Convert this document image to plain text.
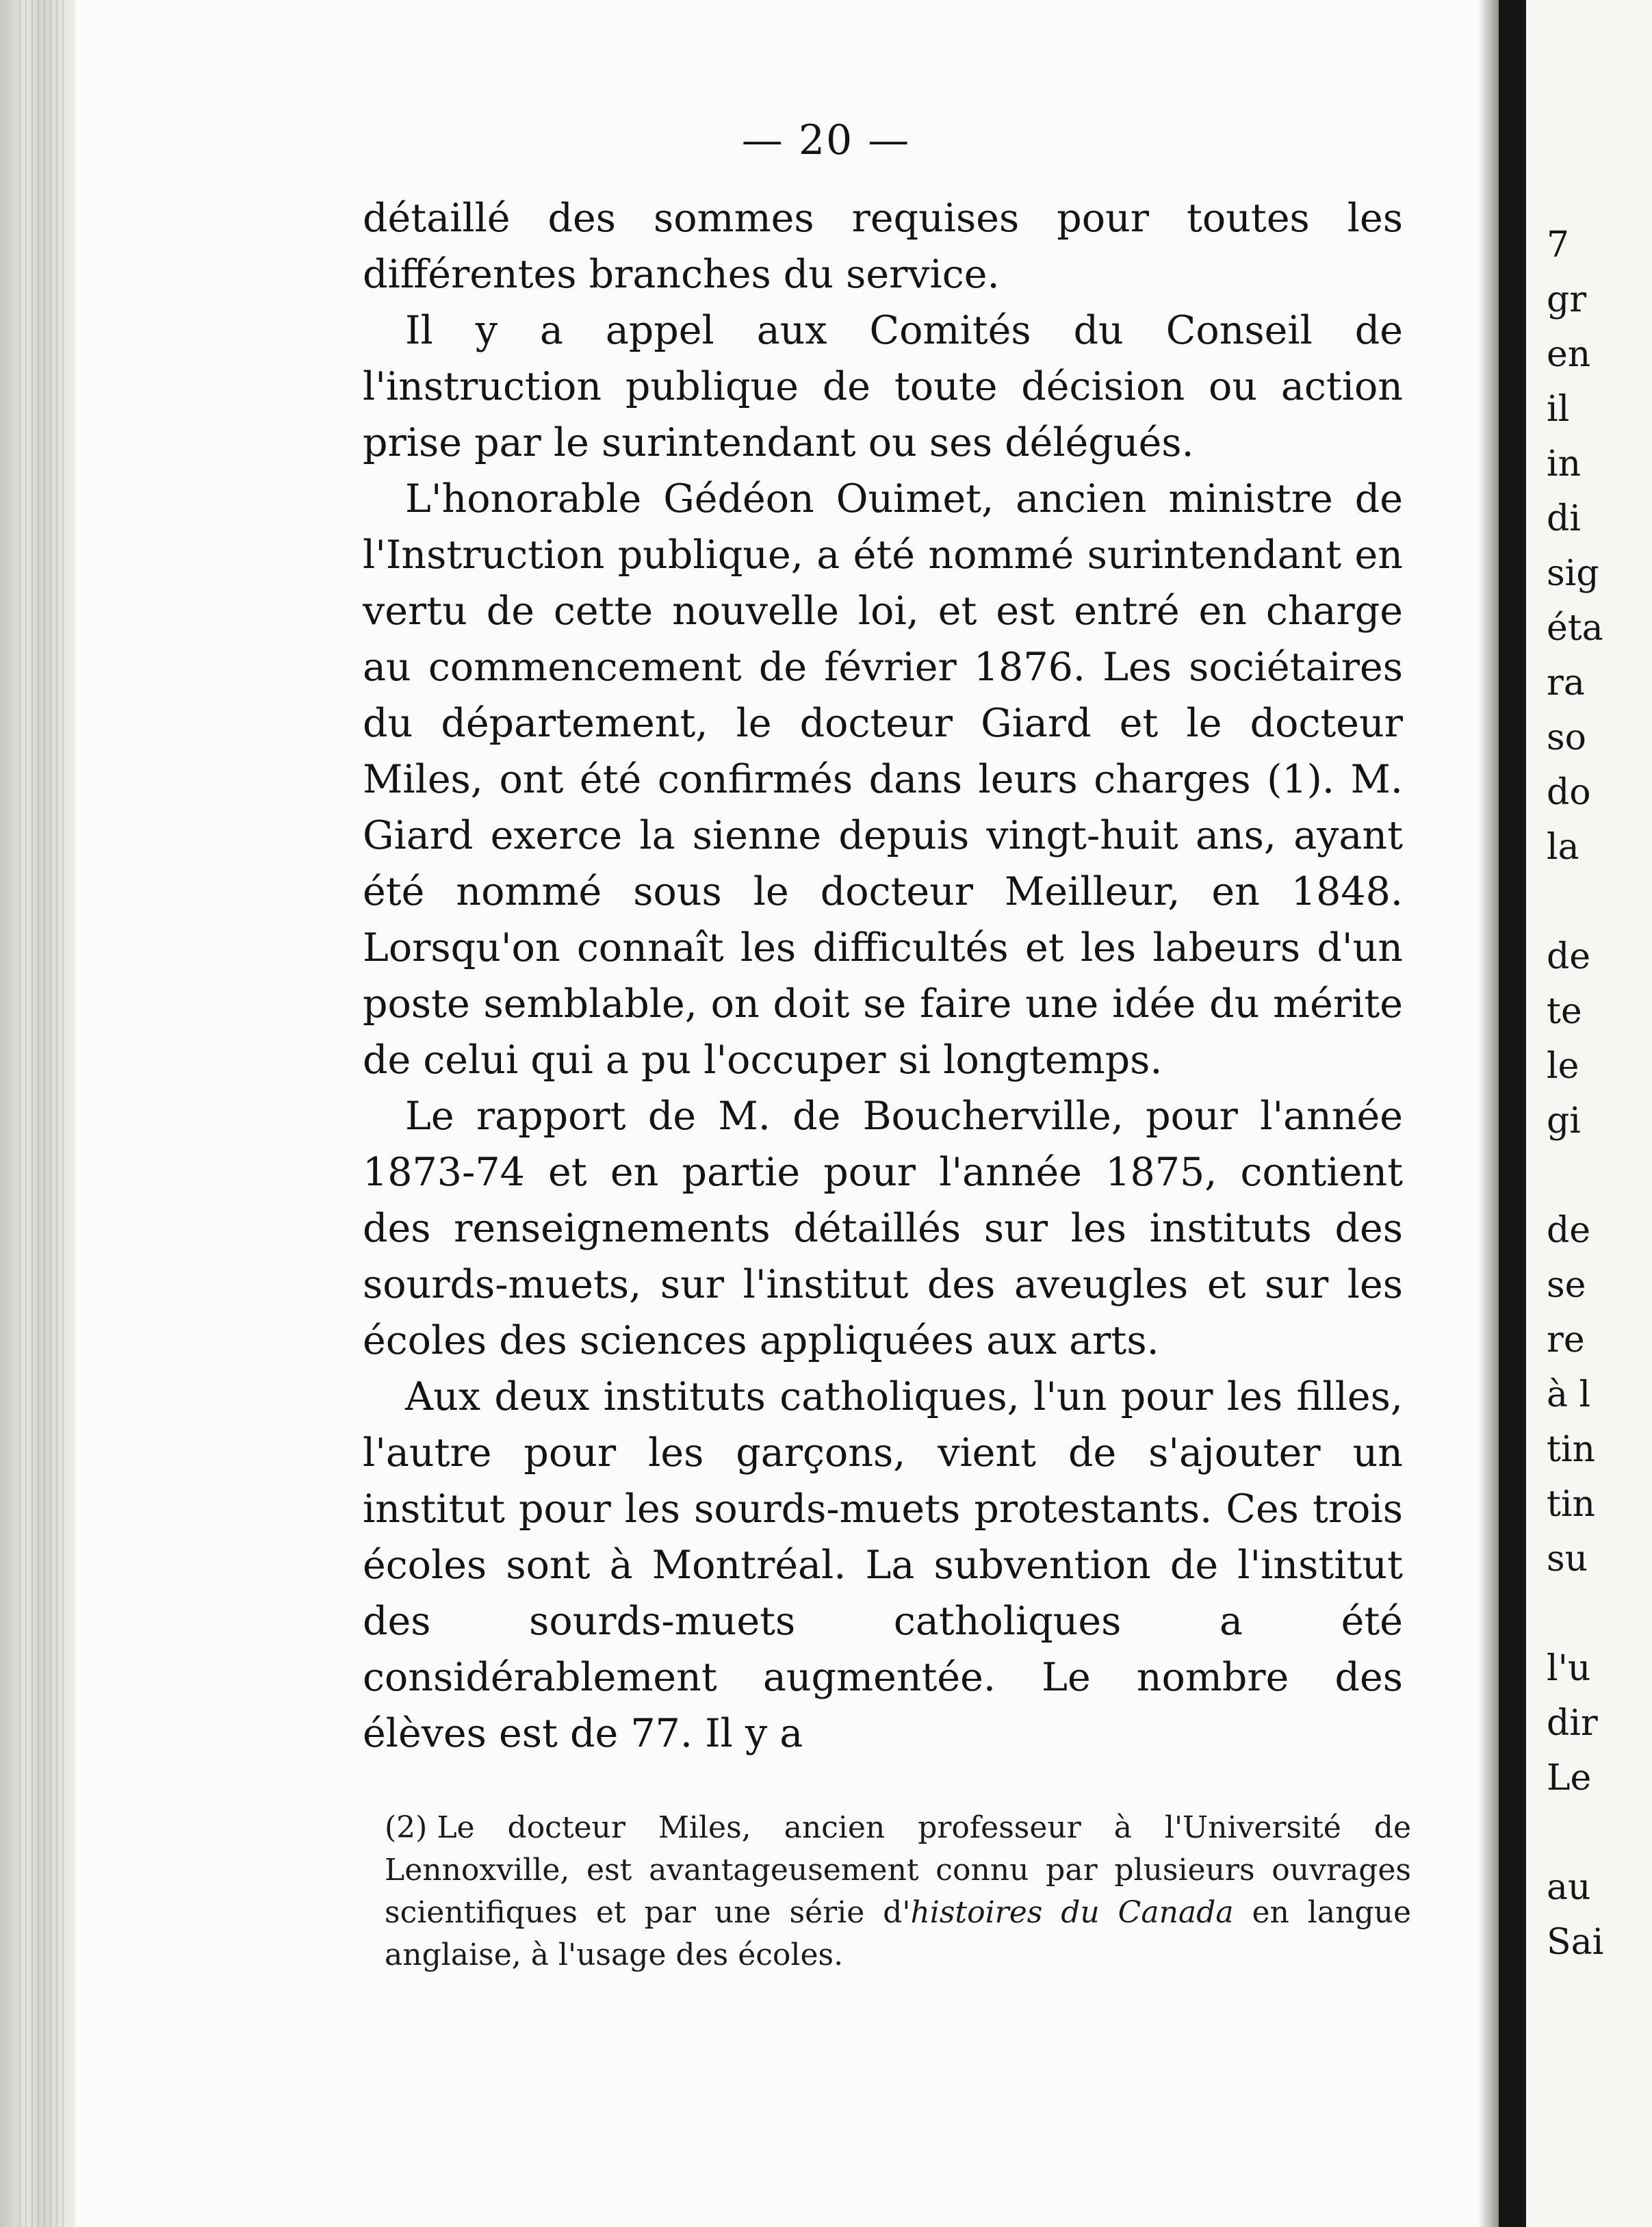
7
gr
en
il
in
di
sig
éta
ra
so
do
la
de
te
le
gi
de
se
re
à l
tin
tin
su
l'u
dir
Le
au
Sai
— 20 —

détaillé des sommes requises pour toutes les différentes branches du service.

Il y a appel aux Comités du Conseil de l'instruction publique de toute décision ou action prise par le surintendant ou ses délégués.

L'honorable Gédéon Ouimet, ancien ministre de l'Instruction publique, a été nommé surintendant en vertu de cette nouvelle loi, et est entré en charge au commencement de février 1876. Les sociétaires du département, le docteur Giard et le docteur Miles, ont été confirmés dans leurs charges (1). M. Giard exerce la sienne depuis vingt-huit ans, ayant été nommé sous le docteur Meilleur, en 1848. Lorsqu'on connaît les difficultés et les labeurs d'un poste semblable, on doit se faire une idée du mérite de celui qui a pu l'occuper si longtemps.

Le rapport de M. de Boucherville, pour l'année 1873-74 et en partie pour l'année 1875, contient des renseignements détaillés sur les instituts des sourds-muets, sur l'institut des aveugles et sur les écoles des sciences appliquées aux arts.

Aux deux instituts catholiques, l'un pour les filles, l'autre pour les garçons, vient de s'ajouter un institut pour les sourds-muets protestants. Ces trois écoles sont à Montréal. La subvention de l'institut des sourds-muets catholiques a été considérablement augmentée. Le nombre des élèves est de 77. Il y a

(2) Le docteur Miles, ancien professeur à l'Université de Lennoxville, est avantageusement connu par plusieurs ouvrages scientifiques et par une série d'histoires du Canada en langue anglaise, à l'usage des écoles.
